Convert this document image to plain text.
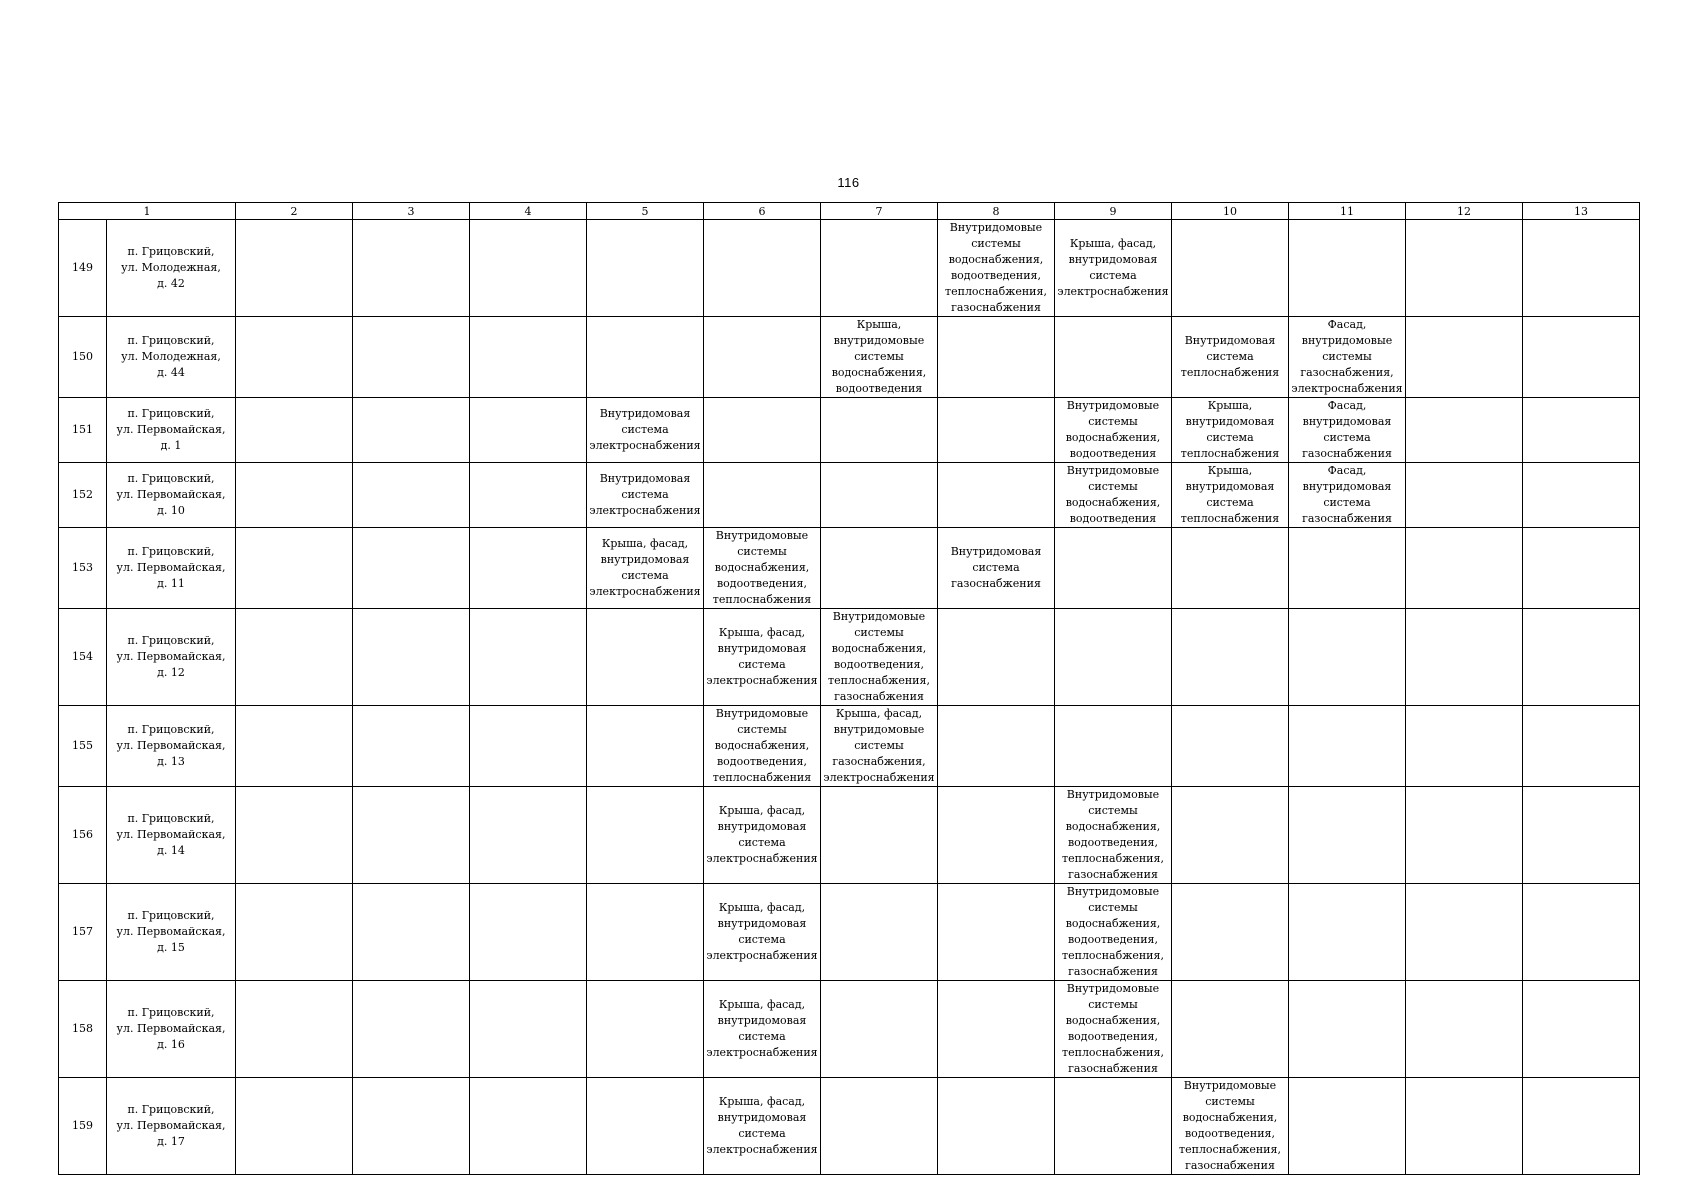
116
1		2	3	4	5	6	7	8	9	10	11	12	13
149	п. Грицовский,
ул. Молодежная,
д. 42							Внутридомовые системы водоснабжения, водоотведения, теплоснабжения, газоснабжения	Крыша, фасад, внутридомовая система электроснабжения				

150	п. Грицовский,
ул. Молодежная,
д. 44						Крыша, внутридомовые системы водоснабжения, водоотведения			Внутридомовая система теплоснабжения	Фасад, внутридомовые системы газоснабжения, электроснабжения		

151	п. Грицовский,
ул. Первомайская,
д. 1				Внутридомовая система электроснабжения				Внутридомовые системы водоснабжения, водоотведения	Крыша, внутридомовая система теплоснабжения	Фасад, внутридомовая система газоснабжения		

152	п. Грицовский,
ул. Первомайская,
д. 10				Внутридомовая система электроснабжения				Внутридомовые системы водоснабжения, водоотведения	Крыша, внутридомовая система теплоснабжения	Фасад, внутридомовая система газоснабжения		

153	п. Грицовский,
ул. Первомайская,
д. 11				Крыша, фасад, внутридомовая система электроснабжения	Внутридомовые системы водоснабжения, водоотведения, теплоснабжения		Внутридомовая система газоснабжения					

154	п. Грицовский,
ул. Первомайская,
д. 12					Крыша, фасад, внутридомовая система электроснабжения	Внутридомовые системы водоснабжения, водоотведения, теплоснабжения, газоснабжения						

155	п. Грицовский,
ул. Первомайская,
д. 13					Внутридомовые системы водоснабжения, водоотведения, теплоснабжения	Крыша, фасад, внутридомовые системы газоснабжения, электроснабжения						

156	п. Грицовский,
ул. Первомайская,
д. 14					Крыша, фасад, внутридомовая система электроснабжения			Внутридомовые системы водоснабжения, водоотведения, теплоснабжения, газоснабжения				

157	п. Грицовский,
ул. Первомайская,
д. 15					Крыша, фасад, внутридомовая система электроснабжения			Внутридомовые системы водоснабжения, водоотведения, теплоснабжения, газоснабжения				

158	п. Грицовский,
ул. Первомайская,
д. 16					Крыша, фасад, внутридомовая система электроснабжения			Внутридомовые системы водоснабжения, водоотведения, теплоснабжения, газоснабжения				

159	п. Грицовский,
ул. Первомайская,
д. 17					Крыша, фасад, внутридомовая система электроснабжения				Внутридомовые системы водоснабжения, водоотведения, теплоснабжения, газоснабжения			
